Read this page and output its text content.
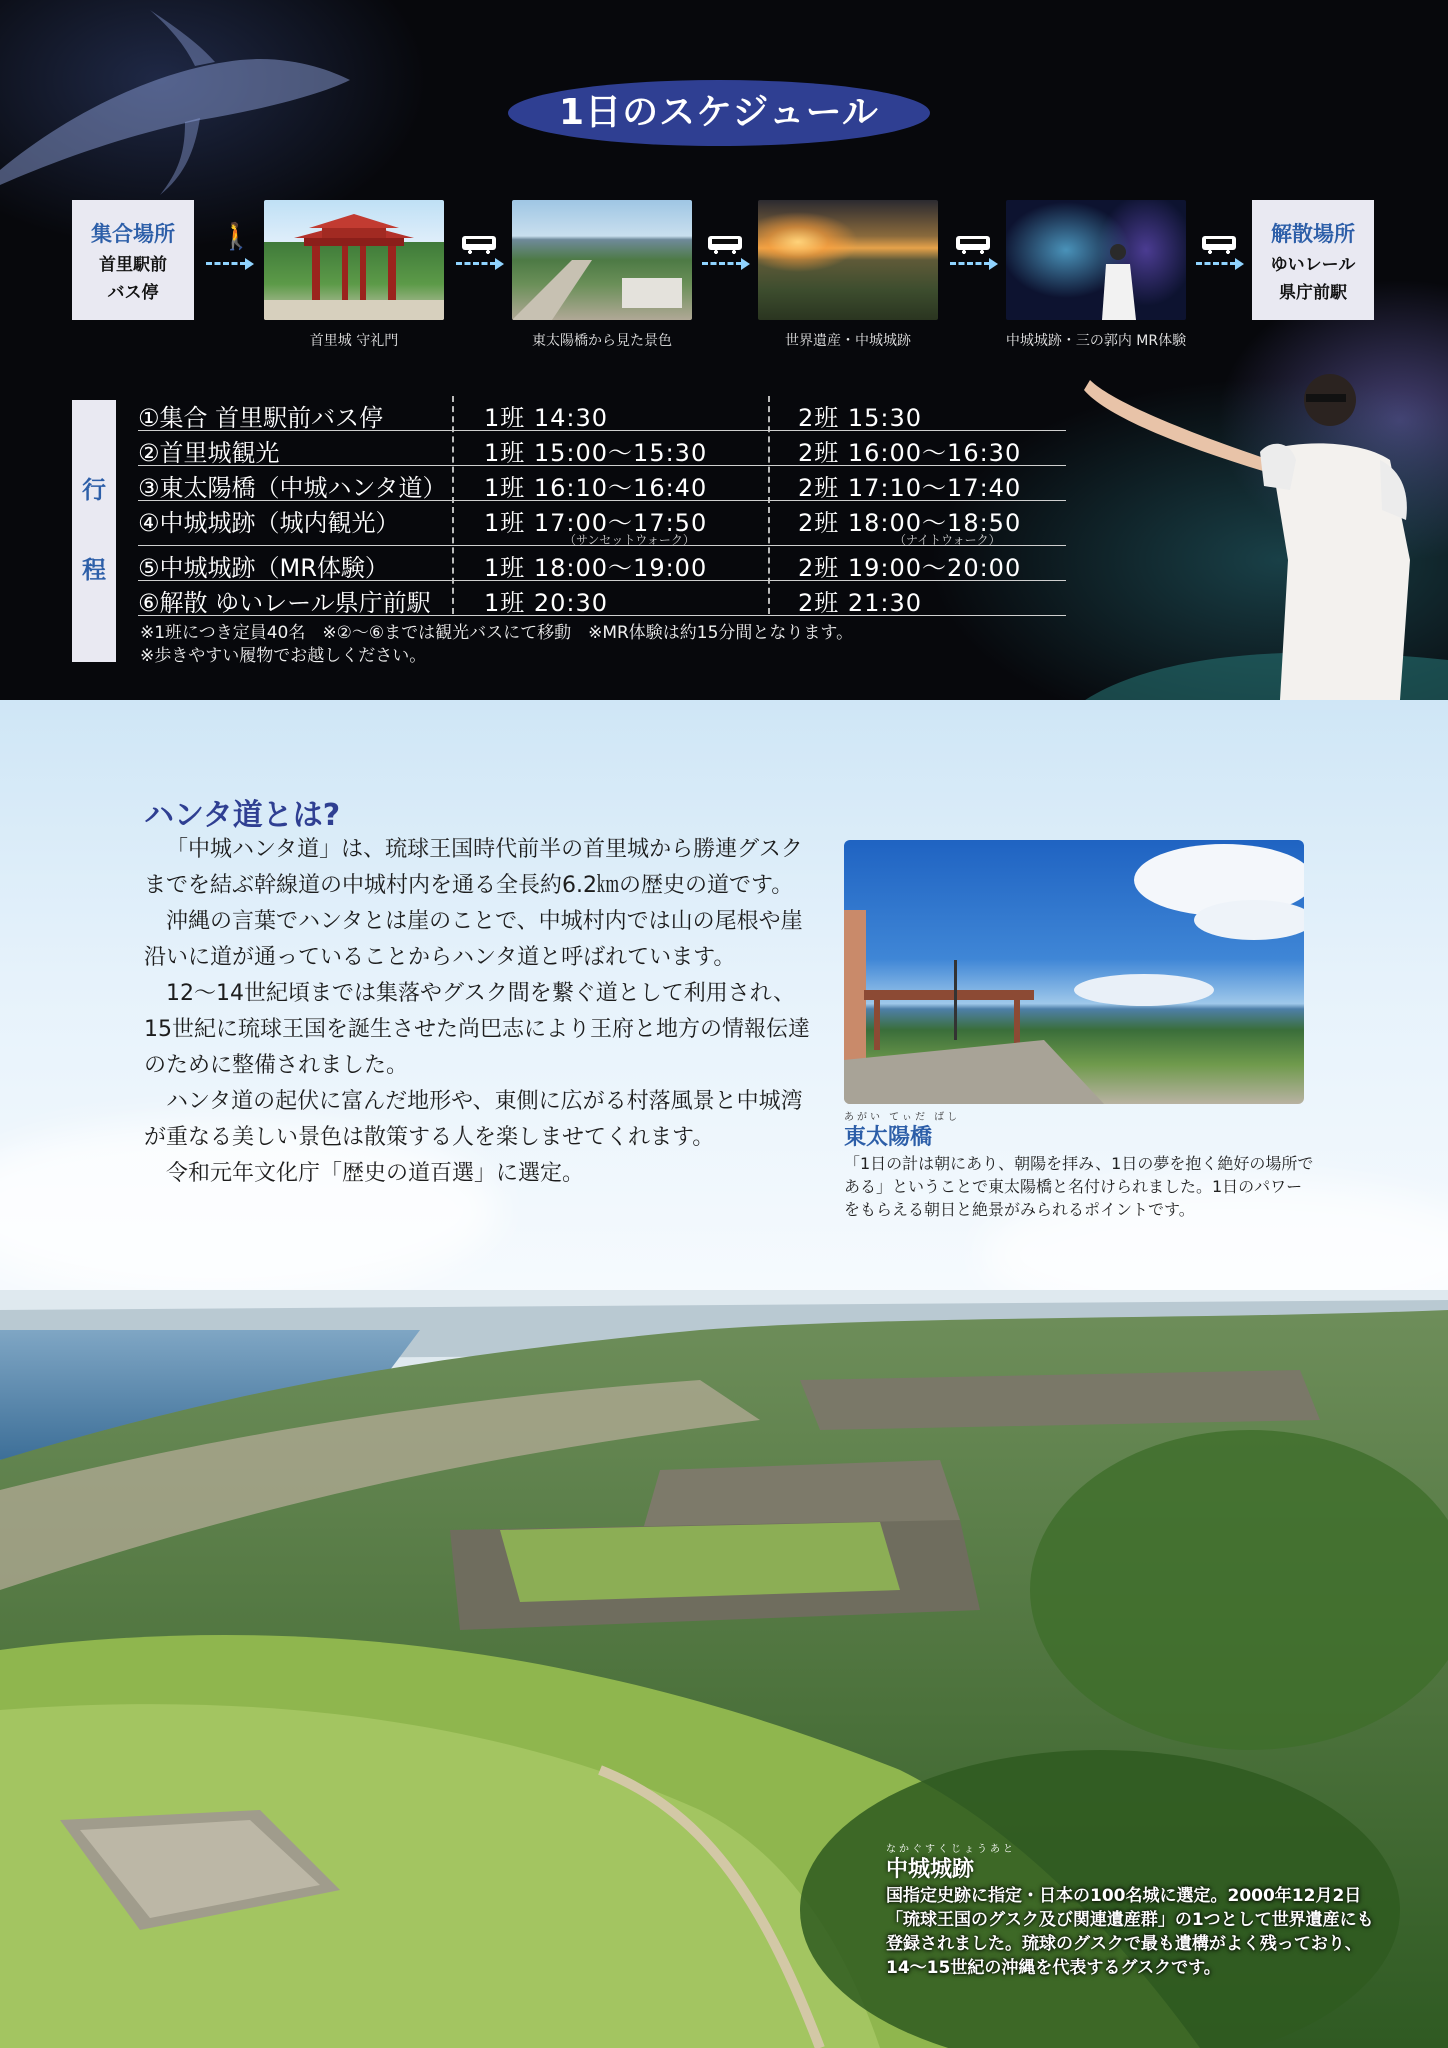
1日のスケジュール
集合場所
首里駅前
バス停
🚶
首里城 守礼門	東太陽橋から見た景色	世界遺産・中城城跡	中城城跡・三の郭内 MR体験
解散場所
ゆいレール
県庁前駅
行
程
①集合 首里駅前バス停	1班 14:30	2班 15:30
②首里城観光	1班 15:00〜15:30	2班 16:00〜16:30
③東太陽橋（中城ハンタ道） 1班 16:10〜16:40	2班 17:10〜17:40
④中城城跡（城内観光）	1班 17:00〜17:50	2班 18:00〜18:50
（サンセットウォーク）	（ナイトウォーク）
⑤中城城跡（MR体験）	1班 18:00〜19:00	2班 19:00〜20:00
⑥解散 ゆいレール県庁前駅 1班 20:30	2班 21:30
※1班につき定員40名　※②〜⑥までは観光バスにて移動　※MR体験は約15分間となります。
※歩きやすい履物でお越しください。
ハンタ道とは?

「中城ハンタ道」は、琉球王国時代前半の首里城から勝連グスクまでを結ぶ幹線道の中城村内を通る全長約6.2㎞の歴史の道です。

沖縄の言葉でハンタとは崖のことで、中城村内では山の尾根や崖沿いに道が通っていることからハンタ道と呼ばれています。

12〜14世紀頃までは集落やグスク間を繋ぐ道として利用され、15世紀に琉球王国を誕生させた尚巴志により王府と地方の情報伝達のために整備されました。

ハンタ道の起伏に富んだ地形や、東側に広がる村落風景と中城湾が重なる美しい景色は散策する人を楽しませてくれます。

令和元年文化庁「歴史の道百選」に選定。

あがい てぃだ ばし
東太陽橋
「1日の計は朝にあり、朝陽を拝み、1日の夢を抱く絶好の場所である」ということで東太陽橋と名付けられました。1日のパワーをもらえる朝日と絶景がみられるポイントです。
なかぐすくじょうあと
中城城跡
国指定史跡に指定・日本の100名城に選定。2000年12月2日「琉球王国のグスク及び関連遺産群」の1つとして世界遺産にも登録されました。琉球のグスクで最も遺構がよく残っており、14〜15世紀の沖縄を代表するグスクです。
